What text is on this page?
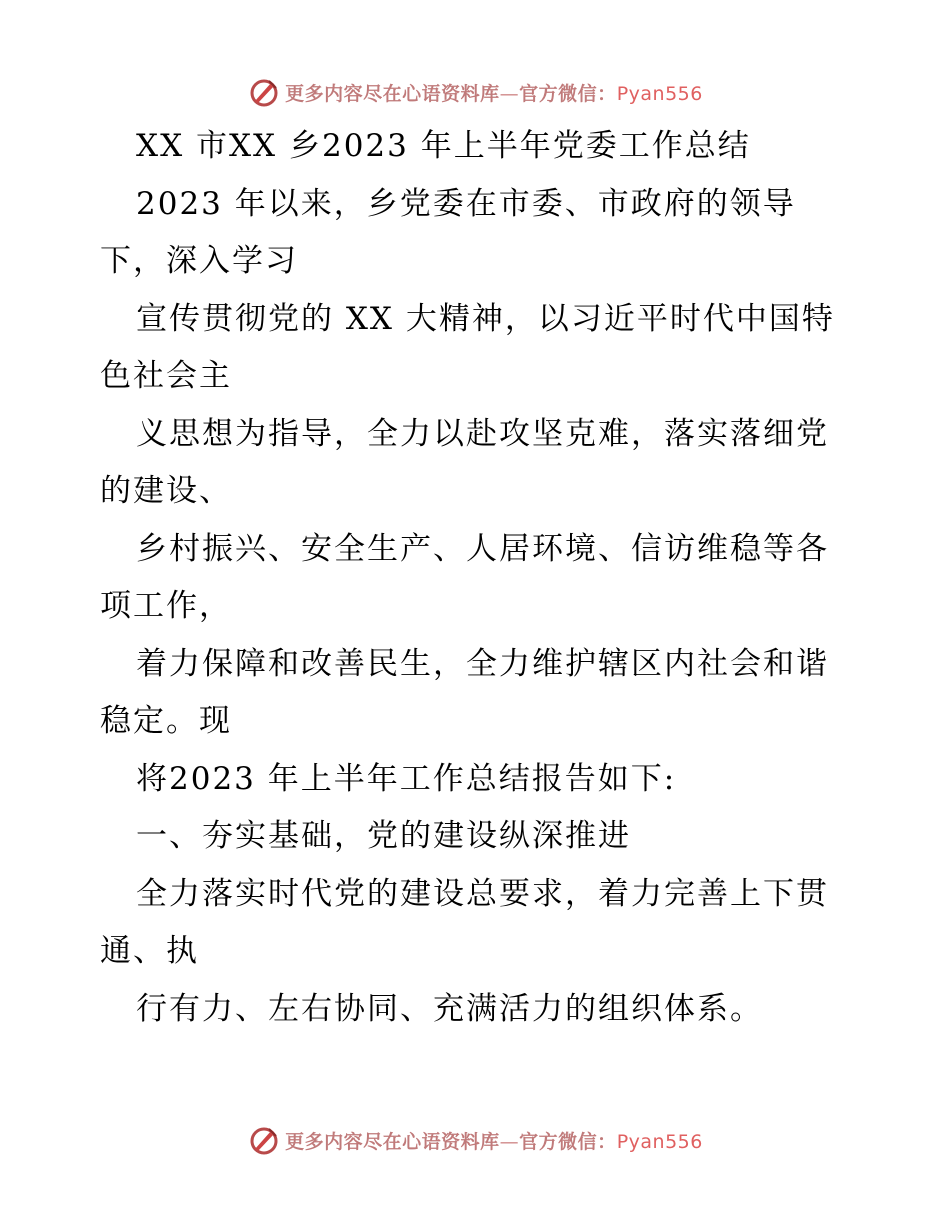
更多内容尽在心语资料库—官方微信：Pyan556
XX 市XX 乡2023 年上半年党委工作总结
2023 年以来，乡党委在市委、市政府的领导
下，深入学习
宣传贯彻党的 XX 大精神，以习近平时代中国特
色社会主
义思想为指导，全力以赴攻坚克难，落实落细党
的建设、
乡村振兴、安全生产、人居环境、信访维稳等各
项工作，
着力保障和改善民生，全力维护辖区内社会和谐
稳定。现
将2023 年上半年工作总结报告如下:
一、夯实基础，党的建设纵深推进
全力落实时代党的建设总要求，着力完善上下贯
通、执
行有力、左右协同、充满活力的组织体系。
更多内容尽在心语资料库—官方微信：Pyan556
